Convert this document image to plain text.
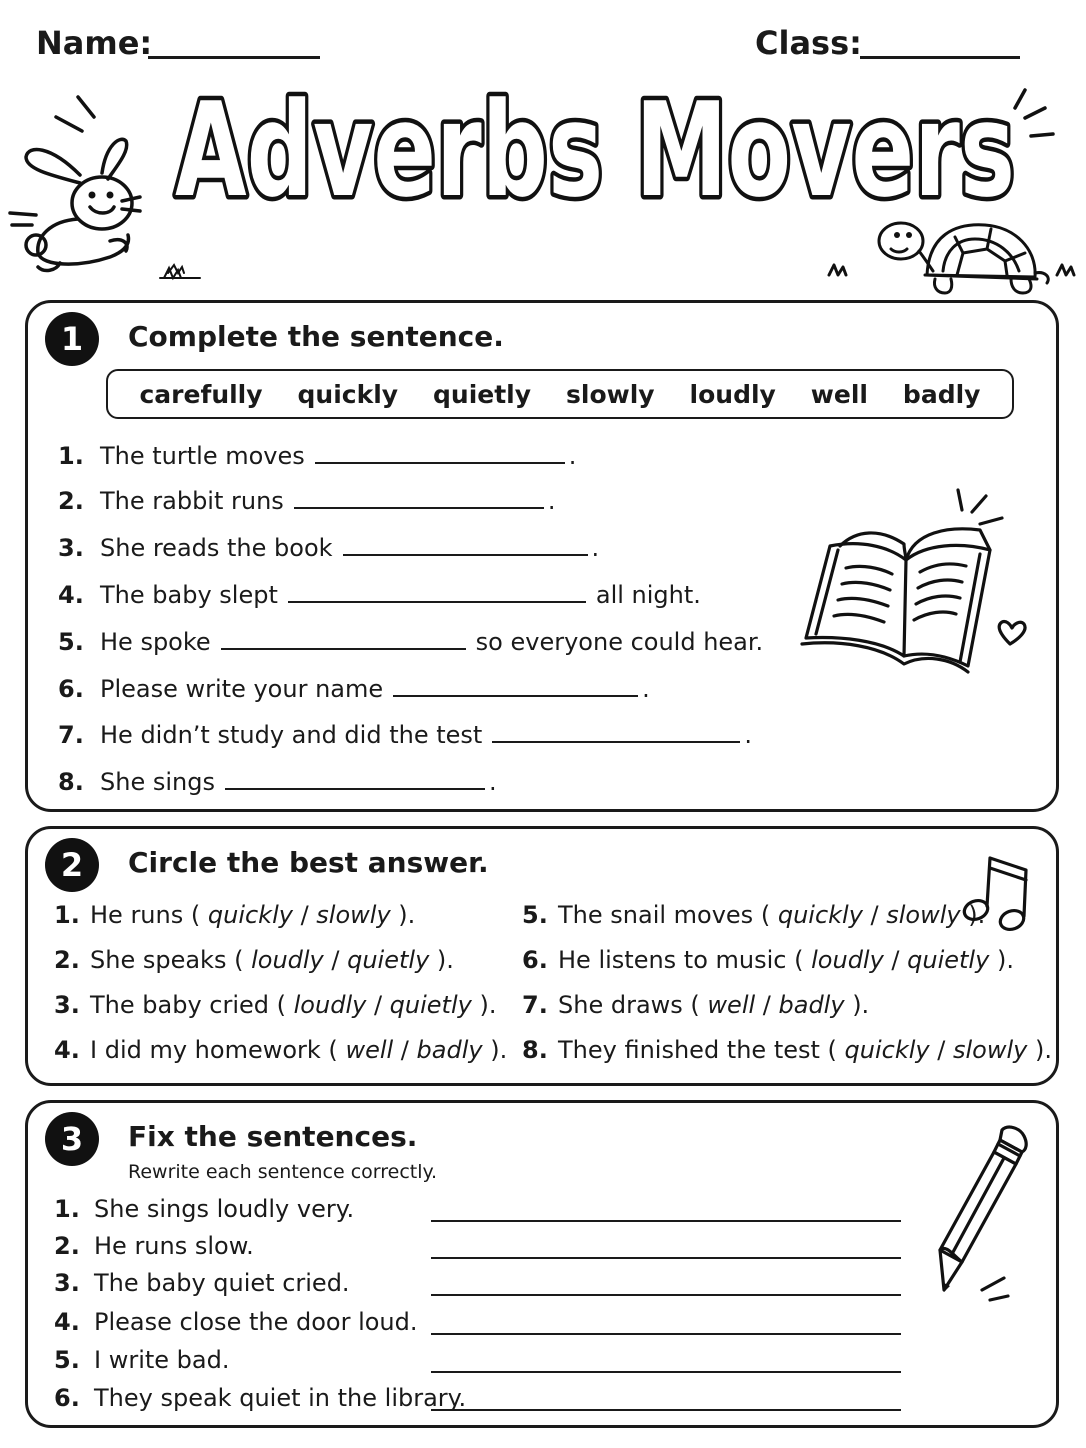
Name:	Class:
Adverbs Movers
1	Complete the sentence.
carefully quickly quietly slowly loudly well badly
1. The turtle moves	.
2. The rabbit runs	.
3. She reads the book	.
4. The baby slept	all night.
5. He spoke	so everyone could hear.
6. Please write your name	.
7. He didn’t study and did the test	.
8. She sings	.
2	Circle the best answer.
1. He runs (
quickly / slowly
).
2. She speaks (
loudly / quietly
).
3. The baby cried (
loudly / quietly
).
4. I did my homework (
well / badly
).
5. The snail moves (
quickly / slowly
).
6. He listens to music (
loudly / quietly
).
7. She draws (
well / badly
).
8. They finished the test (
quickly / slowly
).
3	Fix the sentences.
Rewrite each sentence correctly.
1. She sings loudly very.
2. He runs slow.
3. The baby quiet cried.
4. Please close the door loud.
5. I write bad.
6. They speak quiet in the library.
